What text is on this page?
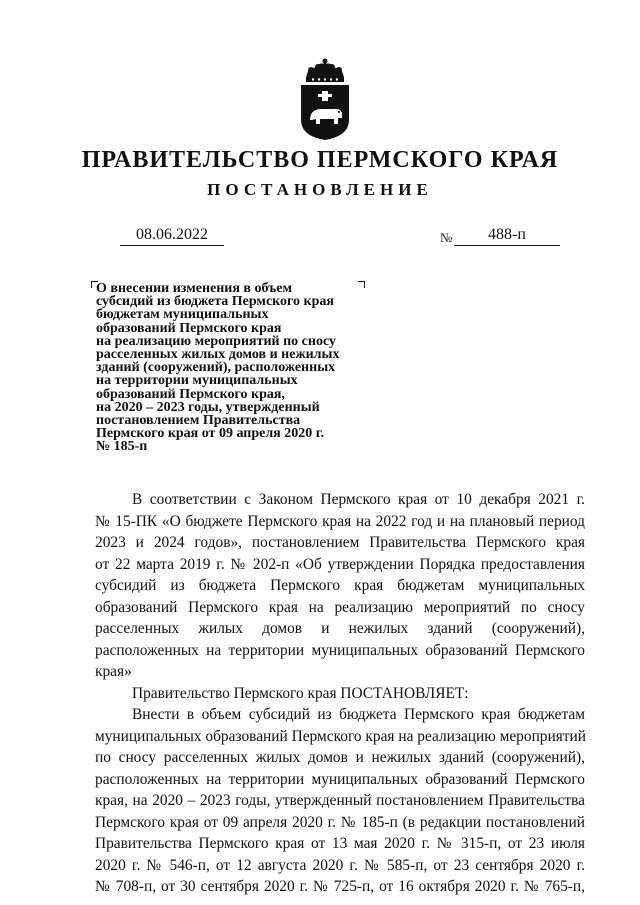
ПРАВИТЕЛЬСТВО ПЕРМСКОГО КРАЯ
ПОСТАНОВЛЕНИЕ
08.06.2022	№	488-п
О внесении изменения в объем
субсидий из бюджета Пермского края
бюджетам муниципальных
образований Пермского края
на реализацию мероприятий по сносу
расселенных жилых домов и нежилых
зданий (сооружений), расположенных
на территории муниципальных
образований Пермского края,
на 2020 – 2023 годы, утвержденный
постановлением Правительства
Пермского края от 09 апреля 2020 г.
№ 185-п
В соответствии с Законом Пермского края от 10 декабря 2021 г.
№ 15-ПК «О бюджете Пермского края на 2022 год и на плановый период
2023 и 2024 годов», постановлением Правительства Пермского края
от 22 марта 2019 г. № 202-п «Об утверждении Порядка предоставления
субсидий из бюджета Пермского края бюджетам муниципальных
образований Пермского края на реализацию мероприятий по сносу
расселенных жилых домов и нежилых зданий (сооружений),
расположенных на территории муниципальных образований Пермского
края»
Правительство Пермского края ПОСТАНОВЛЯЕТ:
Внести в объем субсидий из бюджета Пермского края бюджетам
муниципальных образований Пермского края на реализацию мероприятий
по сносу расселенных жилых домов и нежилых зданий (сооружений),
расположенных на территории муниципальных образований Пермского
края, на 2020 – 2023 годы, утвержденный постановлением Правительства
Пермского края от 09 апреля 2020 г. № 185-п (в редакции постановлений
Правительства Пермского края от 13 мая 2020 г. № 315-п, от 23 июля
2020 г. № 546-п, от 12 августа 2020 г. № 585-п, от 23 сентября 2020 г.
№ 708-п, от 30 сентября 2020 г. № 725-п, от 16 октября 2020 г. № 765-п,
